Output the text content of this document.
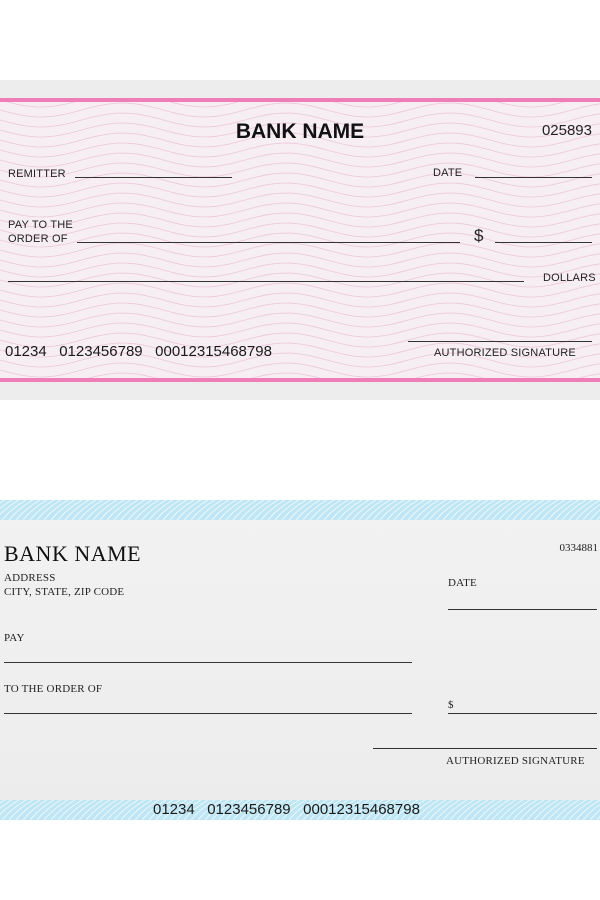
BANK NAME	025893
REMITTER	DATE
PAY TO THE
ORDER OF	$
DOLLARS
01234   0123456789   00012315468798	AUTHORIZED SIGNATURE
BANK NAME	0334881
ADDRESS
CITY, STATE, ZIP CODE
DATE
PAY
TO THE ORDER OF
$
AUTHORIZED SIGNATURE
01234   0123456789   00012315468798
